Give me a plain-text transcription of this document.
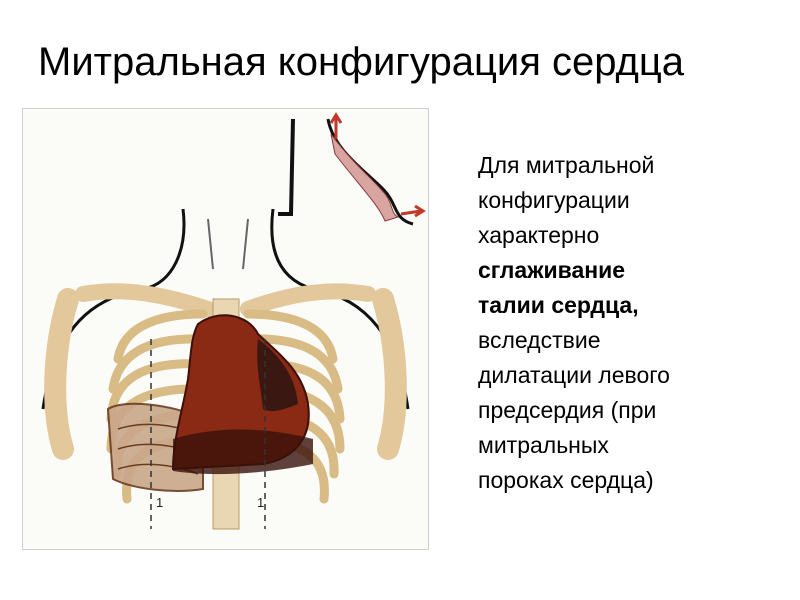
Митральная конфигурация сердца
1	1

Для митральной
конфигурации
характерно
сглаживание
талии сердца,
вследствие
дилатации левого
предсердия (при
митральных
пороках сердца)
